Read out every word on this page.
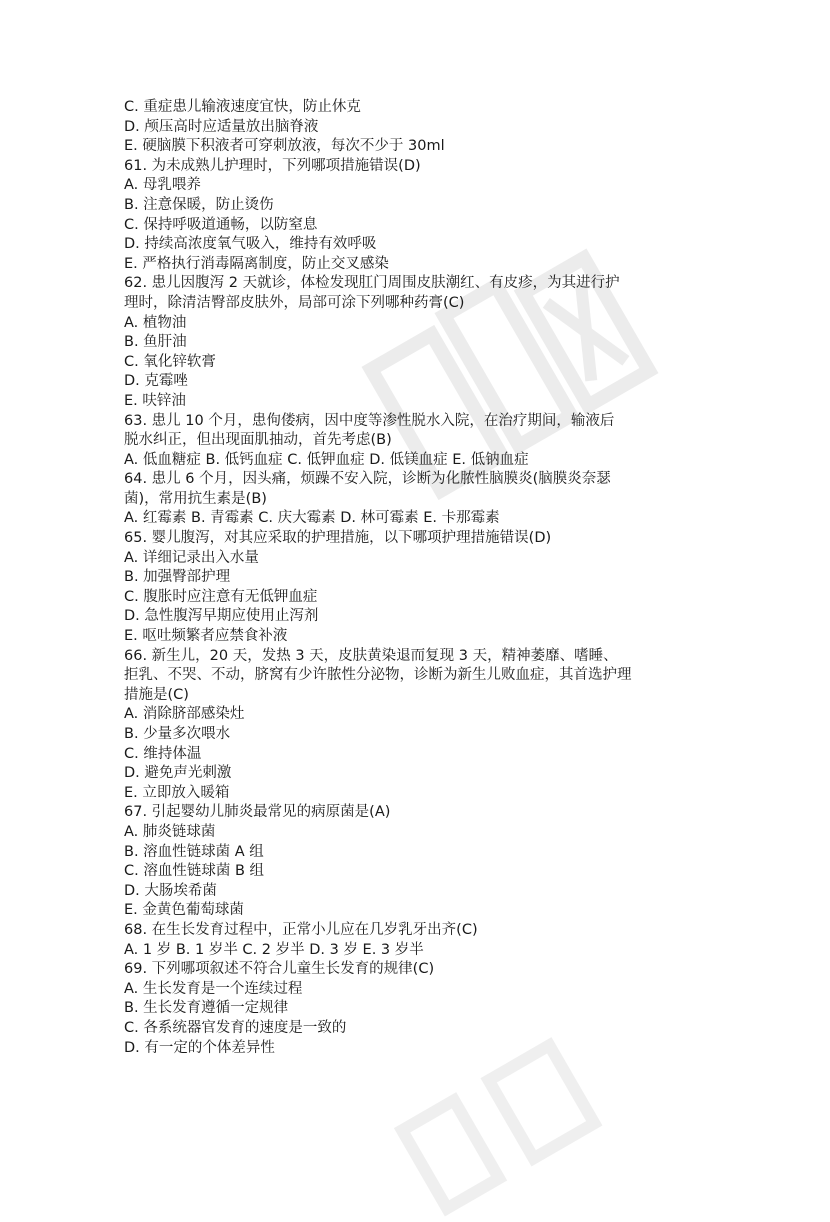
C. 重症患儿输液速度宜快，防止休克
D. 颅压高时应适量放出脑脊液
E. 硬脑膜下积液者可穿刺放液，每次不少于 30ml
61. 为未成熟儿护理时，下列哪项措施错误(D)
A. 母乳喂养
B. 注意保暖，防止烫伤
C. 保持呼吸道通畅，以防窒息
D. 持续高浓度氧气吸入，维持有效呼吸
E. 严格执行消毒隔离制度，防止交叉感染
62. 患儿因腹泻 2 天就诊，体检发现肛门周围皮肤潮红、有皮疹，为其进行护
理时，除清洁臀部皮肤外，局部可涂下列哪种药膏(C)
A. 植物油
B. 鱼肝油
C. 氧化锌软膏
D. 克霉唑
E. 呋锌油
63. 患儿 10 个月，患佝偻病，因中度等渗性脱水入院，在治疗期间，输液后
脱水纠正，但出现面肌抽动，首先考虑(B)
A. 低血糖症 B. 低钙血症 C. 低钾血症 D. 低镁血症 E. 低钠血症
64. 患儿 6 个月，因头痛，烦躁不安入院，诊断为化脓性脑膜炎(脑膜炎奈瑟
菌)，常用抗生素是(B)
A. 红霉素 B. 青霉素 C. 庆大霉素 D. 林可霉素 E. 卡那霉素
65. 婴儿腹泻，对其应采取的护理措施，以下哪项护理措施错误(D)
A. 详细记录出入水量
B. 加强臀部护理
C. 腹胀时应注意有无低钾血症
D. 急性腹泻早期应使用止泻剂
E. 呕吐频繁者应禁食补液
66. 新生儿，20 天，发热 3 天，皮肤黄染退而复现 3 天，精神萎靡、嗜睡、
拒乳、不哭、不动，脐窝有少许脓性分泌物，诊断为新生儿败血症，其首选护理
措施是(C)
A. 消除脐部感染灶
B. 少量多次喂水
C. 维持体温
D. 避免声光刺激
E. 立即放入暖箱
67. 引起婴幼儿肺炎最常见的病原菌是(A)
A. 肺炎链球菌
B. 溶血性链球菌 A 组
C. 溶血性链球菌 B 组
D. 大肠埃希菌
E. 金黄色葡萄球菌
68. 在生长发育过程中，正常小儿应在几岁乳牙出齐(C)
A. 1 岁 B. 1 岁半 C. 2 岁半 D. 3 岁 E. 3 岁半
69. 下列哪项叙述不符合儿童生长发育的规律(C)
A. 生长发育是一个连续过程
B. 生长发育遵循一定规律
C. 各系统器官发育的速度是一致的
D. 有一定的个体差异性
